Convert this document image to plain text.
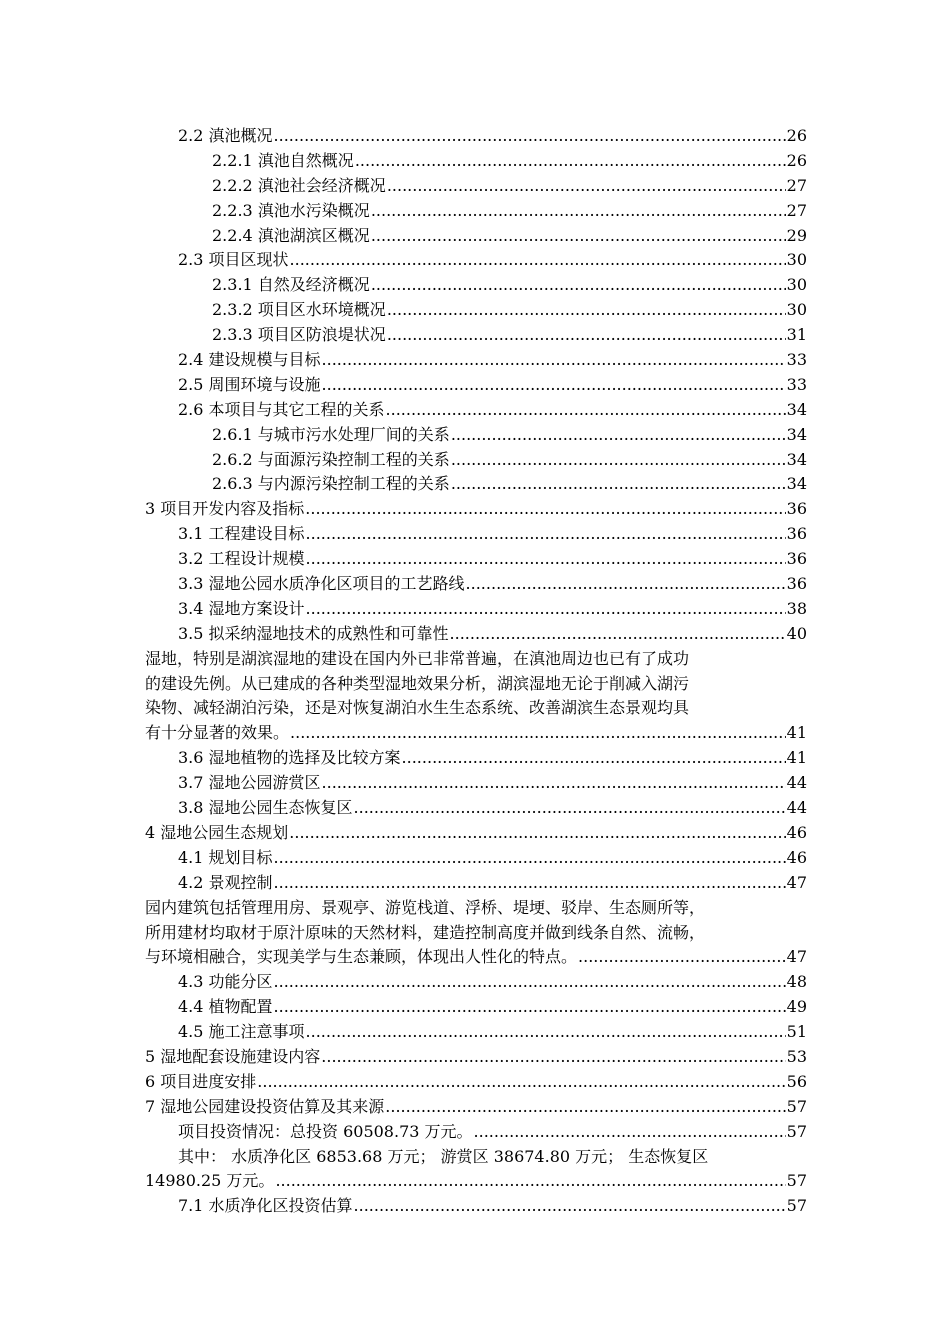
2.2 滇池概况 .....	26
2.2.1 滇池自然概况 .....	26
2.2.2 滇池社会经济概况 .....	27
2.2.3 滇池水污染概况 .....	27
2.2.4 滇池湖滨区概况 .....	29
2.3 项目区现状 .....	30
2.3.1 自然及经济概况 .....	30
2.3.2 项目区水环境概况 .....	30
2.3.3 项目区防浪堤状况 .....	31
2.4 建设规模与目标 .....	33
2.5 周围环境与设施 .....	33
2.6 本项目与其它工程的关系 .....	34
2.6.1 与城市污水处理厂间的关系 .....	34
2.6.2 与面源污染控制工程的关系 .....	34
2.6.3 与内源污染控制工程的关系 .....	34
3 项目开发内容及指标 .....	36
3.1 工程建设目标 .....	36
3.2 工程设计规模 .....	36
3.3 湿地公园水质净化区项目的工艺路线 .....	36
3.4 湿地方案设计 .....	38
3.5 拟采纳湿地技术的成熟性和可靠性 .....	40
湿地，特别是湖滨湿地的建设在国内外已非常普遍，在滇池周边也已有了成功
的建设先例。从已建成的各种类型湿地效果分析，湖滨湿地无论于削减入湖污
染物、减轻湖泊污染，还是对恢复湖泊水生生态系统、改善湖滨生态景观均具
有十分显著的效果。 .....	41
3.6 湿地植物的选择及比较方案 .....	41
3.7 湿地公园游赏区 .....	44
3.8 湿地公园生态恢复区 .....	44
4 湿地公园生态规划 .....	46
4.1 规划目标 .....	46
4.2 景观控制 .....	47
园内建筑包括管理用房、景观亭、游览栈道、浮桥、堤埂、驳岸、生态厕所等，
所用建材均取材于原汁原味的天然材料，建造控制高度并做到线条自然、流畅，
与环境相融合，实现美学与生态兼顾，体现出人性化的特点。 .....	47
4.3 功能分区 .....	48
4.4 植物配置 .....	49
4.5 施工注意事项 .....	51
5 湿地配套设施建设内容 .....	53
6 项目进度安排 .....	56
7 湿地公园建设投资估算及其来源 .....	57
项目投资情况：总投资 60508.73 万元。 .....	57
其中： 水质净化区 6853.68 万元； 游赏区 38674.80 万元； 生态恢复区
14980.25 万元。 .....	57
7.1 水质净化区投资估算 .....	57
